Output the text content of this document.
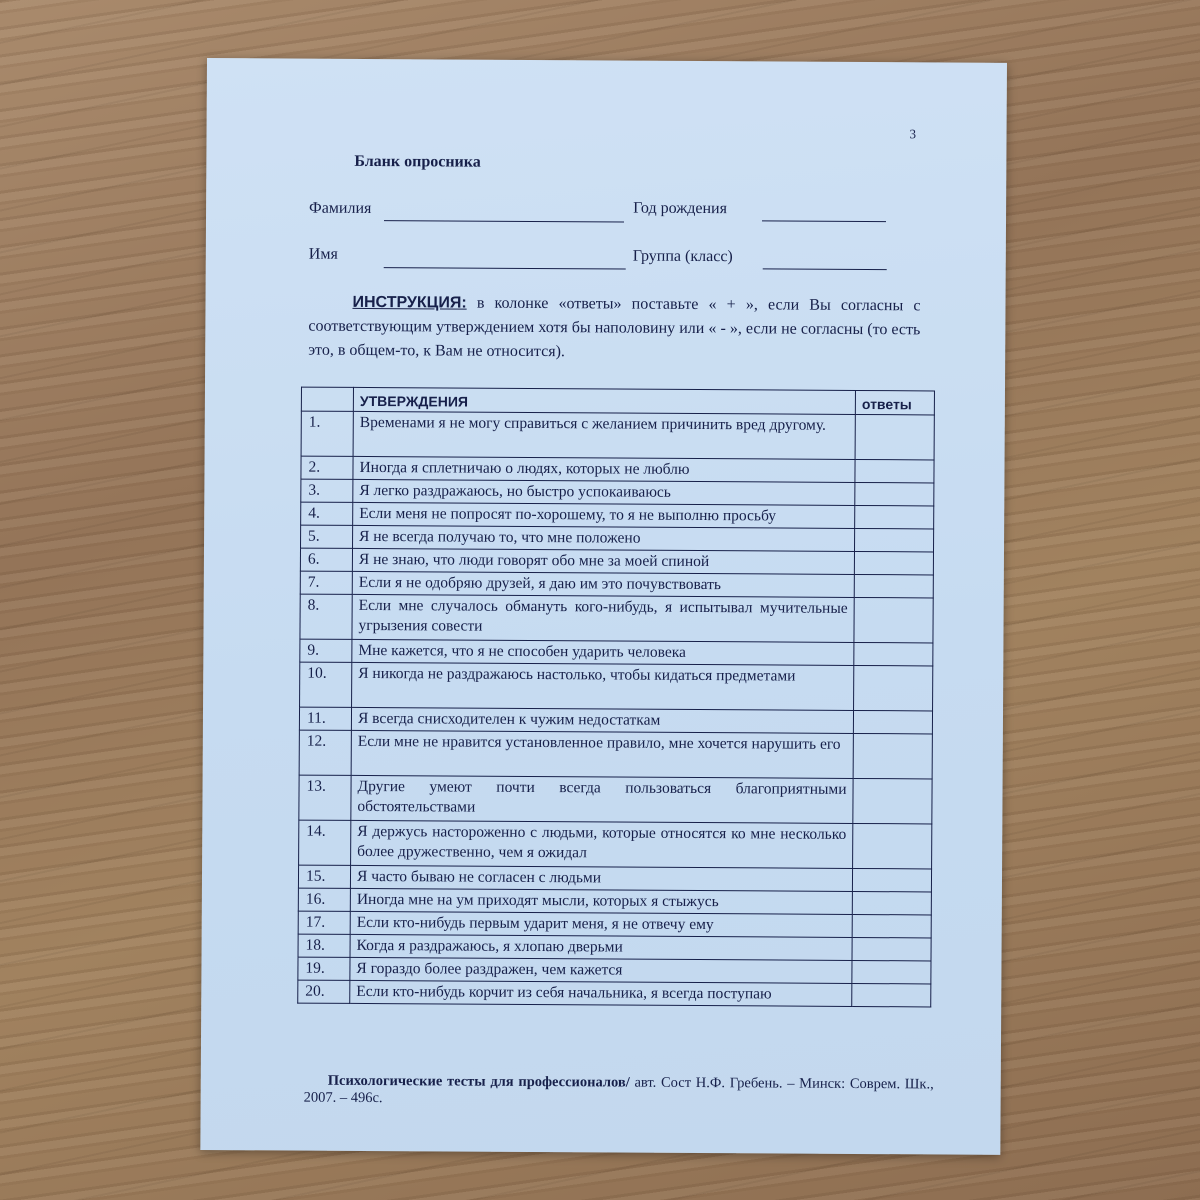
3
Бланк опросника
Фамилия	Год рождения
Имя	Группа (класс)
ИНСТРУКЦИЯ: в колонке «ответы» поставьте « + », если Вы согласны с соответствующим утверждением хотя бы наполовину или « - », если не согласны (то есть это, в общем-то, к Вам не относится).
	УТВЕРЖДЕНИЯ	ответы
1.	Временами я не могу справиться с желанием причинить вред другому.	
2.	Иногда я сплетничаю о людях, которых не люблю	
3.	Я легко раздражаюсь, но быстро успокаиваюсь	
4.	Если меня не попросят по-хорошему, то я не выполню просьбу	
5.	Я не всегда получаю то, что мне положено	
6.	Я не знаю, что люди говорят обо мне за моей спиной	
7.	Если я не одобряю друзей, я даю им это почувствовать	
8.	Если мне случалось обмануть кого-нибудь, я испытывал мучительные угрызения совести	
9.	Мне кажется, что я не способен ударить человека	
10.	Я никогда не раздражаюсь настолько, чтобы кидаться предметами	
11.	Я всегда снисходителен к чужим недостаткам	
12.	Если мне не нравится установленное правило, мне хочется нарушить его	
13.	Другие умеют почти всегда пользоваться благоприятными обстоятельствами	
14.	Я держусь настороженно с людьми, которые относятся ко мне несколько более дружественно, чем я ожидал	
15.	Я часто бываю не согласен с людьми	
16.	Иногда мне на ум приходят мысли, которых я стыжусь	
17.	Если кто-нибудь первым ударит меня, я не отвечу ему	
18.	Когда я раздражаюсь, я хлопаю дверьми	
19.	Я гораздо более раздражен, чем кажется	
20.	Если кто-нибудь корчит из себя начальника, я всегда поступаю	
Психологические тесты для профессионалов/ авт. Сост Н.Ф. Гребень. – Минск: Соврем. Шк., 2007. – 496с.
